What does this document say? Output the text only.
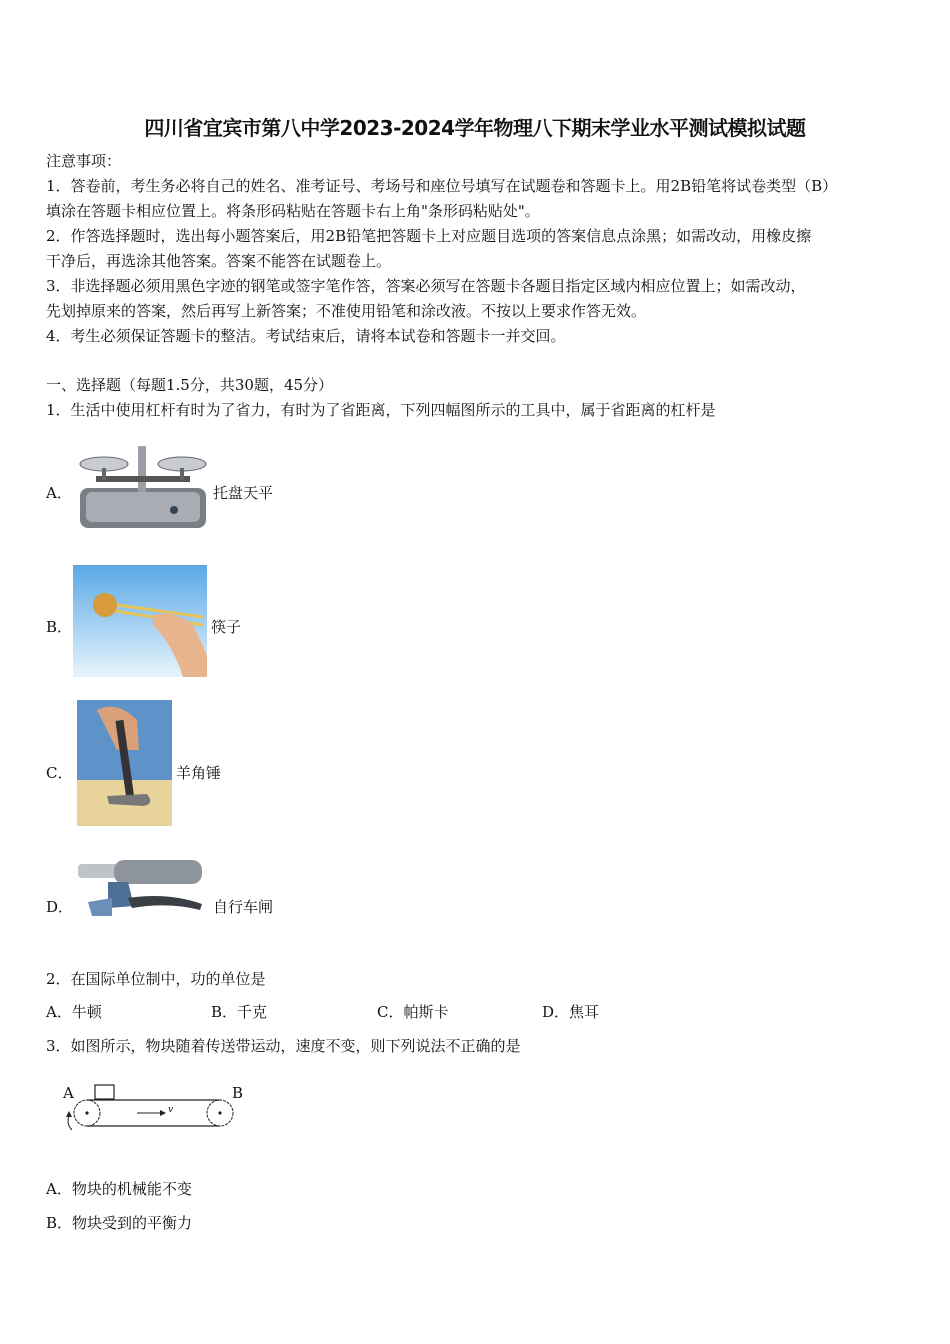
四川省宜宾市第八中学2023-2024学年物理八下期末学业水平测试模拟试题
注意事项：
1．答卷前，考生务必将自己的姓名、准考证号、考场号和座位号填写在试题卷和答题卡上。用2B铅笔将试卷类型（B）
填涂在答题卡相应位置上。将条形码粘贴在答题卡右上角"条形码粘贴处"。
2．作答选择题时，选出每小题答案后，用2B铅笔把答题卡上对应题目选项的答案信息点涂黑；如需改动，用橡皮擦
干净后，再选涂其他答案。答案不能答在试题卷上。
3．非选择题必须用黑色字迹的钢笔或签字笔作答，答案必须写在答题卡各题目指定区域内相应位置上；如需改动，
先划掉原来的答案，然后再写上新答案；不准使用铅笔和涂改液。不按以上要求作答无效。
4．考生必须保证答题卡的整洁。考试结束后，请将本试卷和答题卡一并交回。
一、选择题（每题1.5分，共30题，45分）
1．生活中使用杠杆有时为了省力，有时为了省距离，下列四幅图所示的工具中，属于省距离的杠杆是
A．	托盘天平
B．	筷子
C．	羊角锤
D．	自行车闸
2．在国际单位制中，功的单位是
A．牛顿	B．千克	C．帕斯卡	D．焦耳
3．如图所示，物块随着传送带运动，速度不变，则下列说法不正确的是
A	B
v
A．物块的机械能不变
B．物块受到的平衡力
